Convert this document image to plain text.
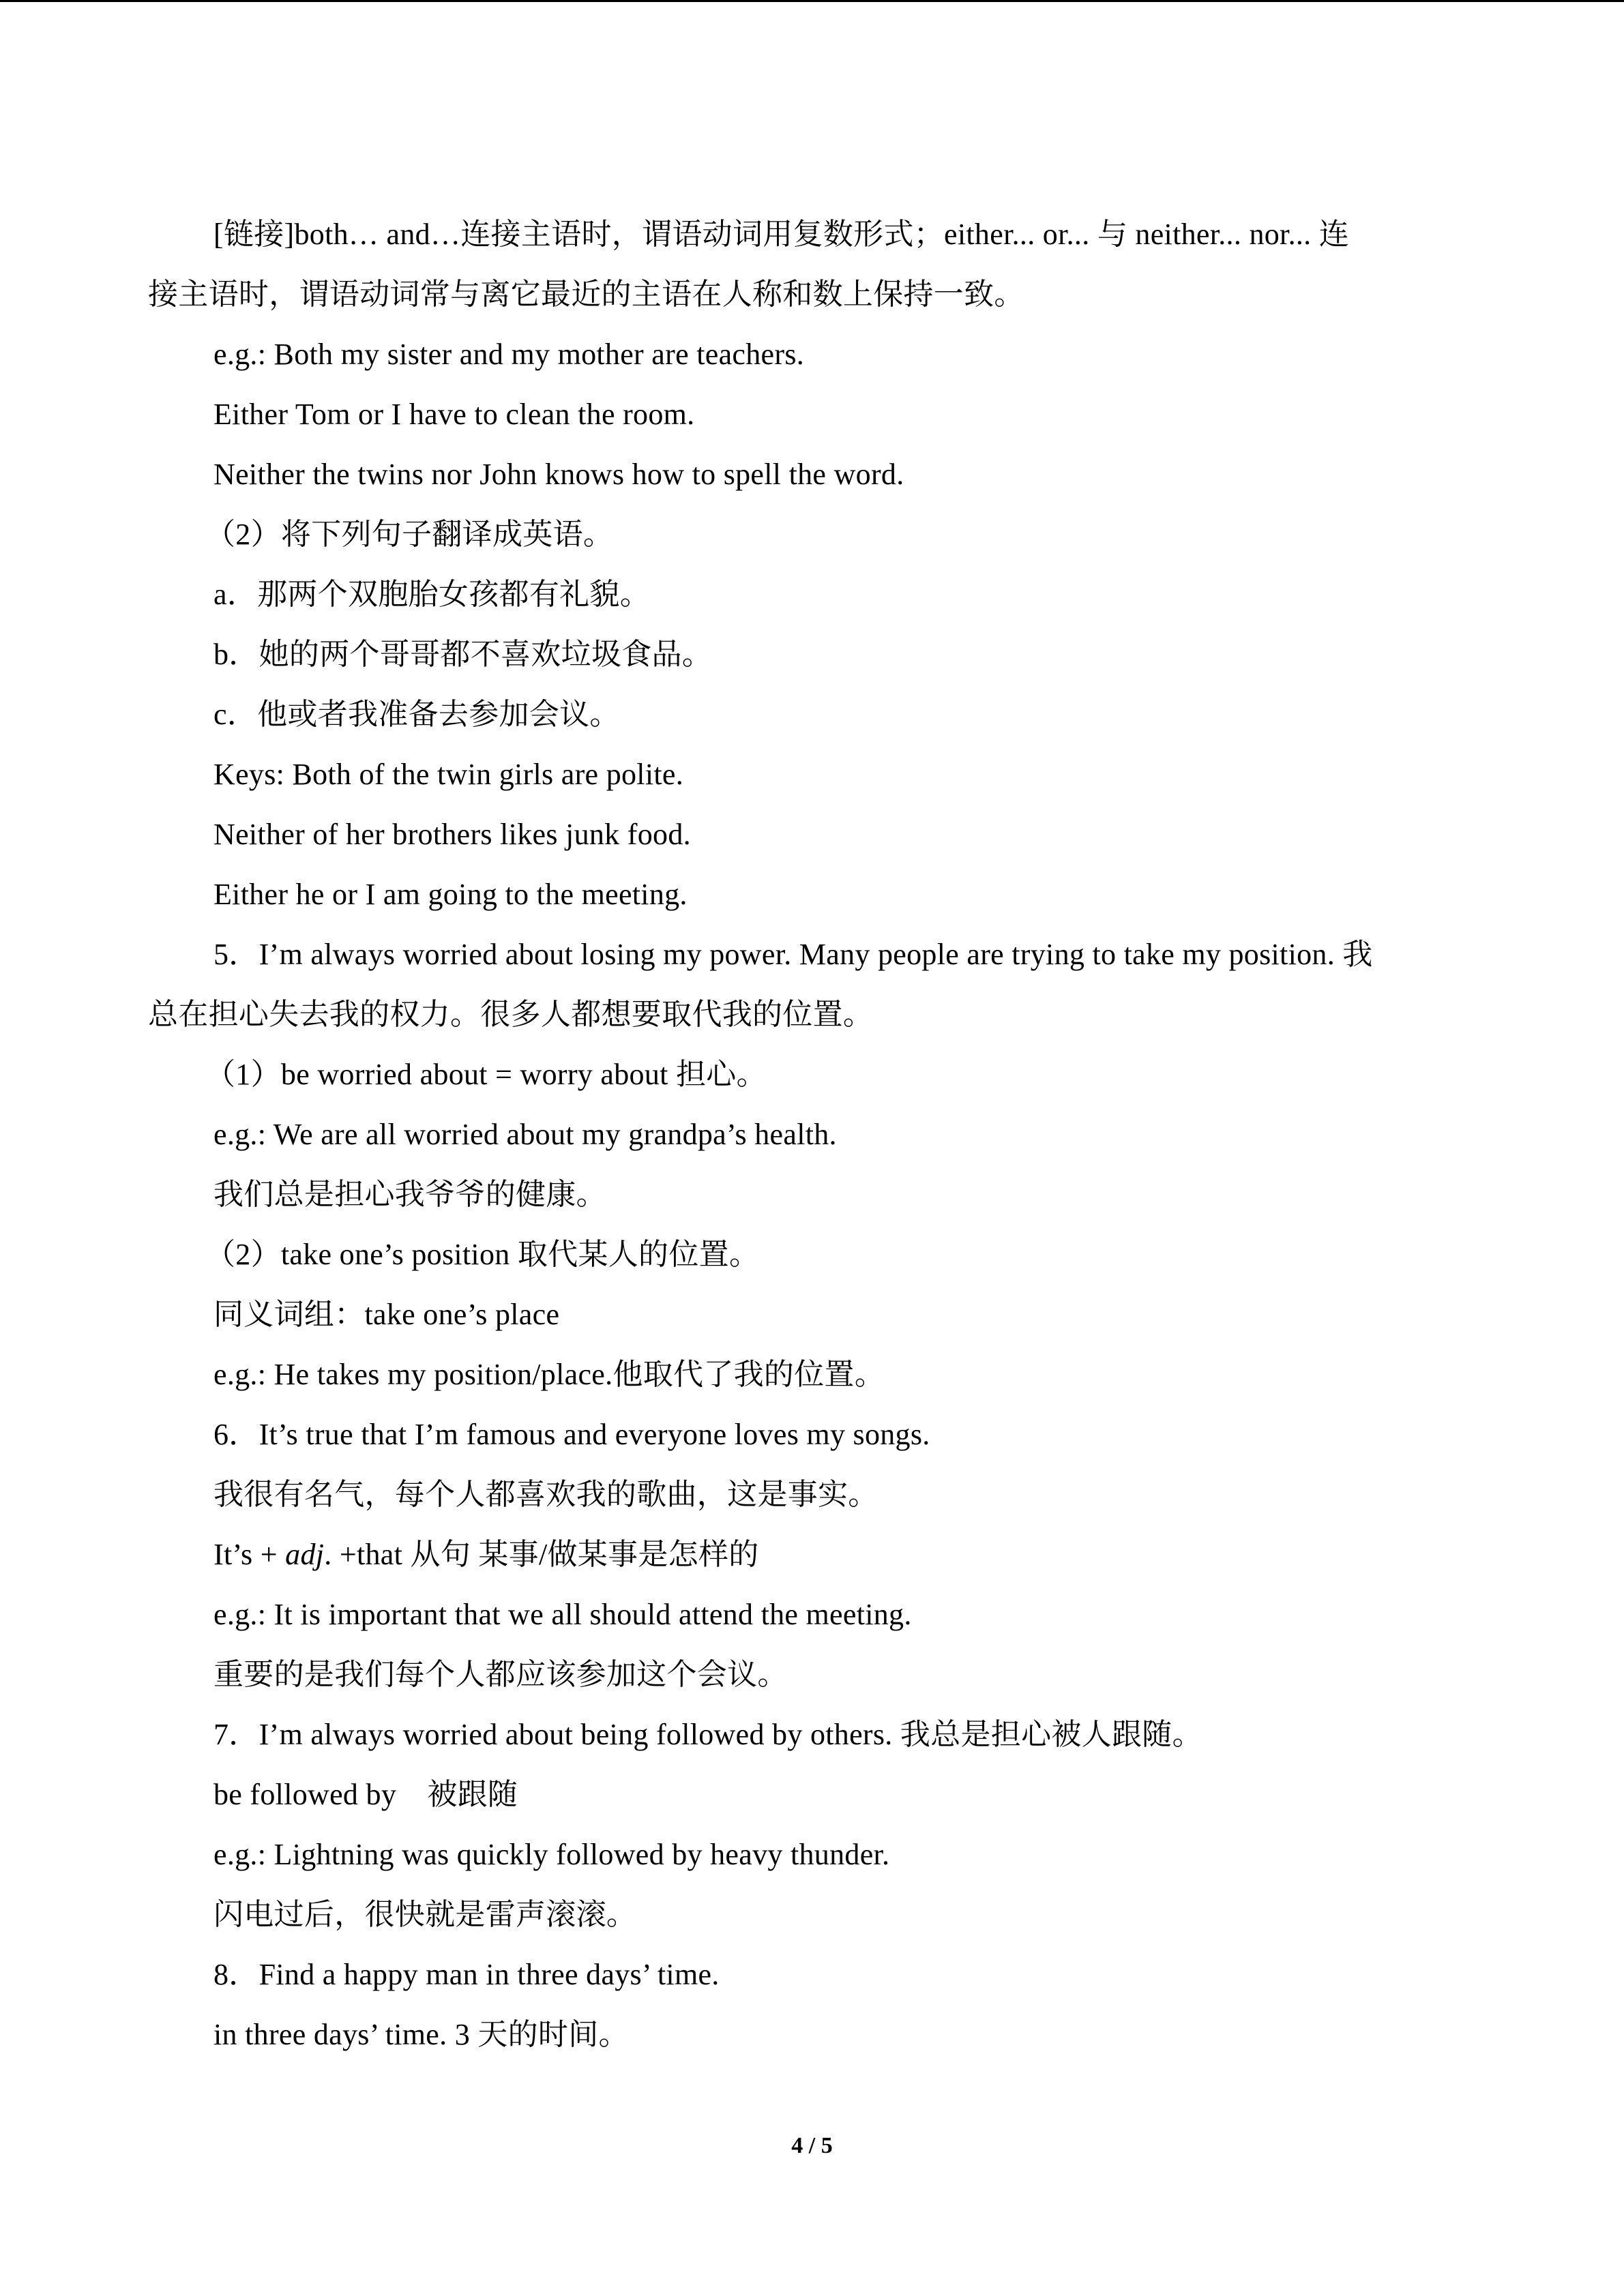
[链接]both… and…连接主语时，谓语动词用复数形式；either... or... 与 neither... nor... 连
接主语时，谓语动词常与离它最近的主语在人称和数上保持一致。
e.g.: Both my sister and my mother are teachers.
Either Tom or I have to clean the room.
Neither the twins nor John knows how to spell the word.
（2）将下列句子翻译成英语。
a．那两个双胞胎女孩都有礼貌。
b．她的两个哥哥都不喜欢垃圾食品。
c．他或者我准备去参加会议。
Keys: Both of the twin girls are polite.
Neither of her brothers likes junk food.
Either he or I am going to the meeting.
5．I’m always worried about losing my power. Many people are trying to take my position. 我
总在担心失去我的权力。很多人都想要取代我的位置。
（1）be worried about = worry about 担心。
e.g.: We are all worried about my grandpa’s health.
我们总是担心我爷爷的健康。
（2）take one’s position 取代某人的位置。
同义词组：take one’s place
e.g.: He takes my position/place.他取代了我的位置。
6．It’s true that I’m famous and everyone loves my songs.
我很有名气，每个人都喜欢我的歌曲，这是事实。
It’s + adj. +that 从句 某事/做某事是怎样的
e.g.: It is important that we all should attend the meeting.
重要的是我们每个人都应该参加这个会议。
7．I’m always worried about being followed by others. 我总是担心被人跟随。
be followed by    被跟随
e.g.: Lightning was quickly followed by heavy thunder.
闪电过后，很快就是雷声滚滚。
8．Find a happy man in three days’ time.
in three days’ time. 3 天的时间。
4 / 5
